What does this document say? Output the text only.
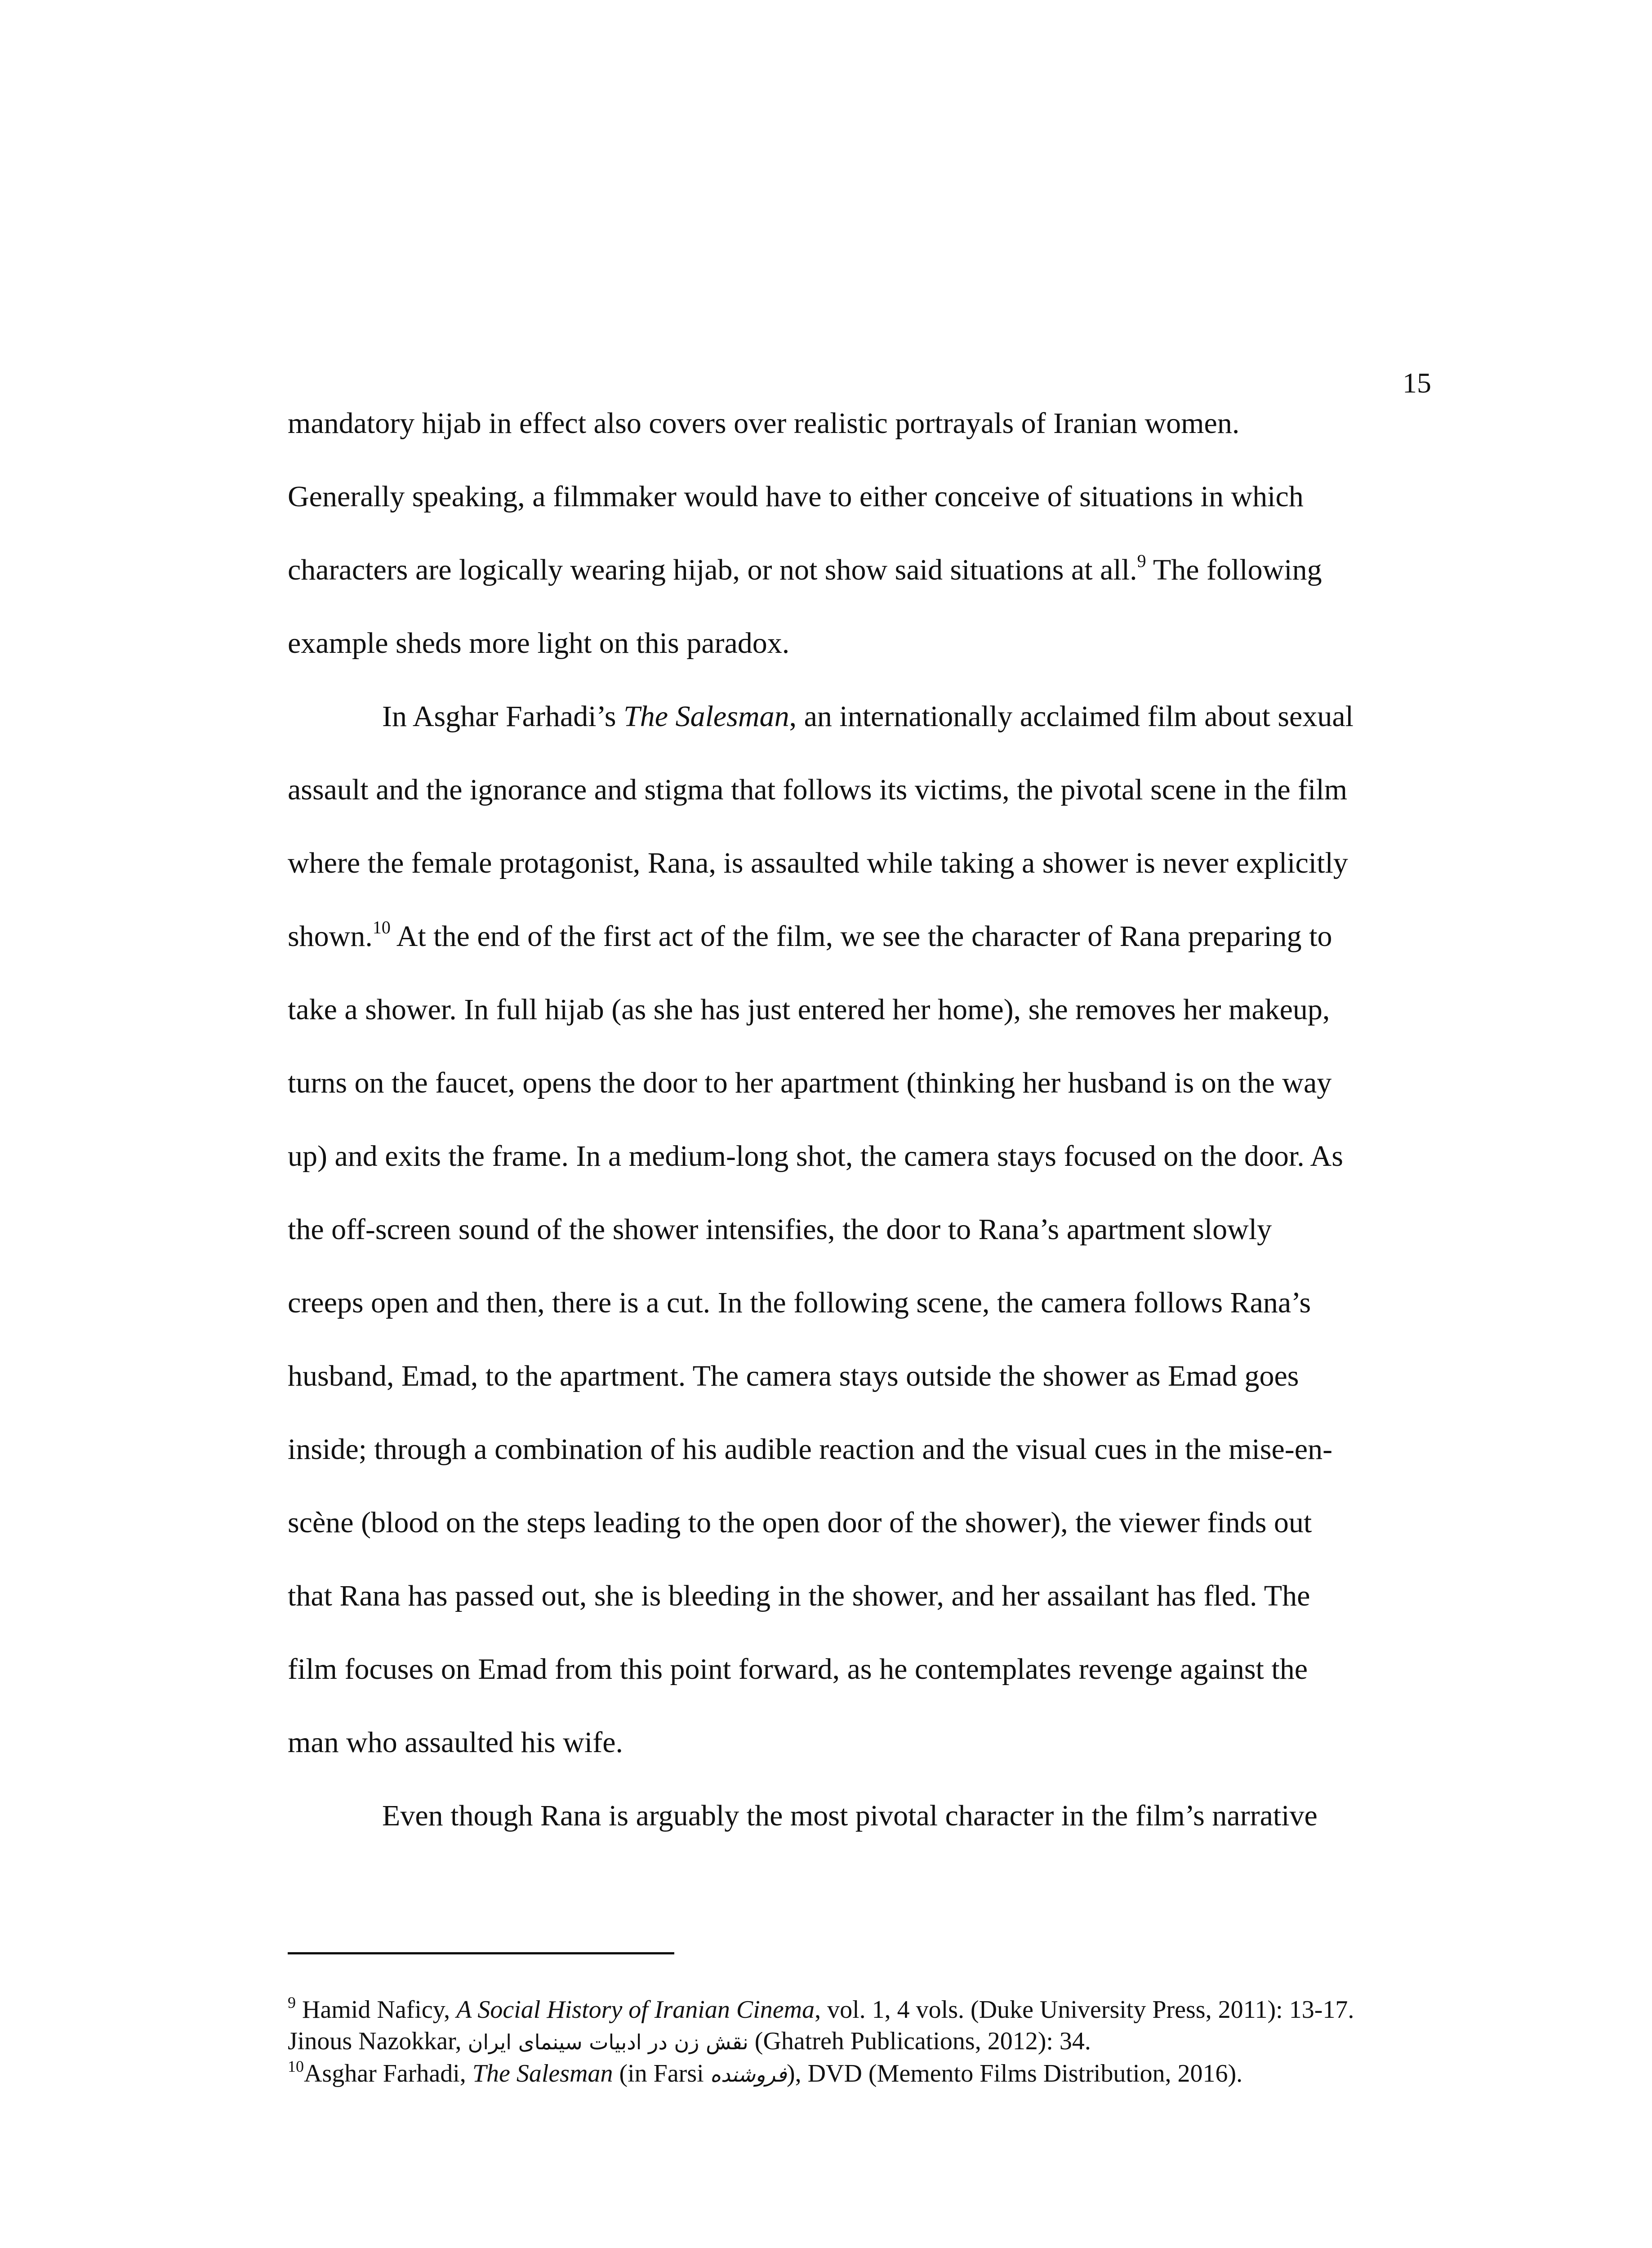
15
mandatory hijab in effect also covers over realistic portrayals of Iranian women.
Generally speaking, a filmmaker would have to either conceive of situations in which
characters are logically wearing hijab, or not show said situations at all.$^9$ The following
example sheds more light on this paradox.
In Asghar Farhadi’s The Salesman, an internationally acclaimed film about sexual
assault and the ignorance and stigma that follows its victims, the pivotal scene in the film
where the female protagonist, Rana, is assaulted while taking a shower is never explicitly
shown.$^{10}$ At the end of the first act of the film, we see the character of Rana preparing to
take a shower. In full hijab (as she has just entered her home), she removes her makeup,
turns on the faucet, opens the door to her apartment (thinking her husband is on the way
up) and exits the frame. In a medium-long shot, the camera stays focused on the door. As
the off-screen sound of the shower intensifies, the door to Rana’s apartment slowly
creeps open and then, there is a cut. In the following scene, the camera follows Rana’s
husband, Emad, to the apartment. The camera stays outside the shower as Emad goes
inside; through a combination of his audible reaction and the visual cues in the mise-en-
scène (blood on the steps leading to the open door of the shower), the viewer finds out
that Rana has passed out, she is bleeding in the shower, and her assailant has fled. The
film focuses on Emad from this point forward, as he contemplates revenge against the
man who assaulted his wife.
Even though Rana is arguably the most pivotal character in the film’s narrative
$^9$ Hamid Naficy, A Social History of Iranian Cinema, vol. 1, 4 vols. (Duke University Press, 2011): 13-17.
Jinous Nazokkar, نقش زن در ادبیات سینمای ایران (Ghatreh Publications, 2012): 34.
$^{10}$Asghar Farhadi, The Salesman (in Farsi فروشنده), DVD (Memento Films Distribution, 2016).
